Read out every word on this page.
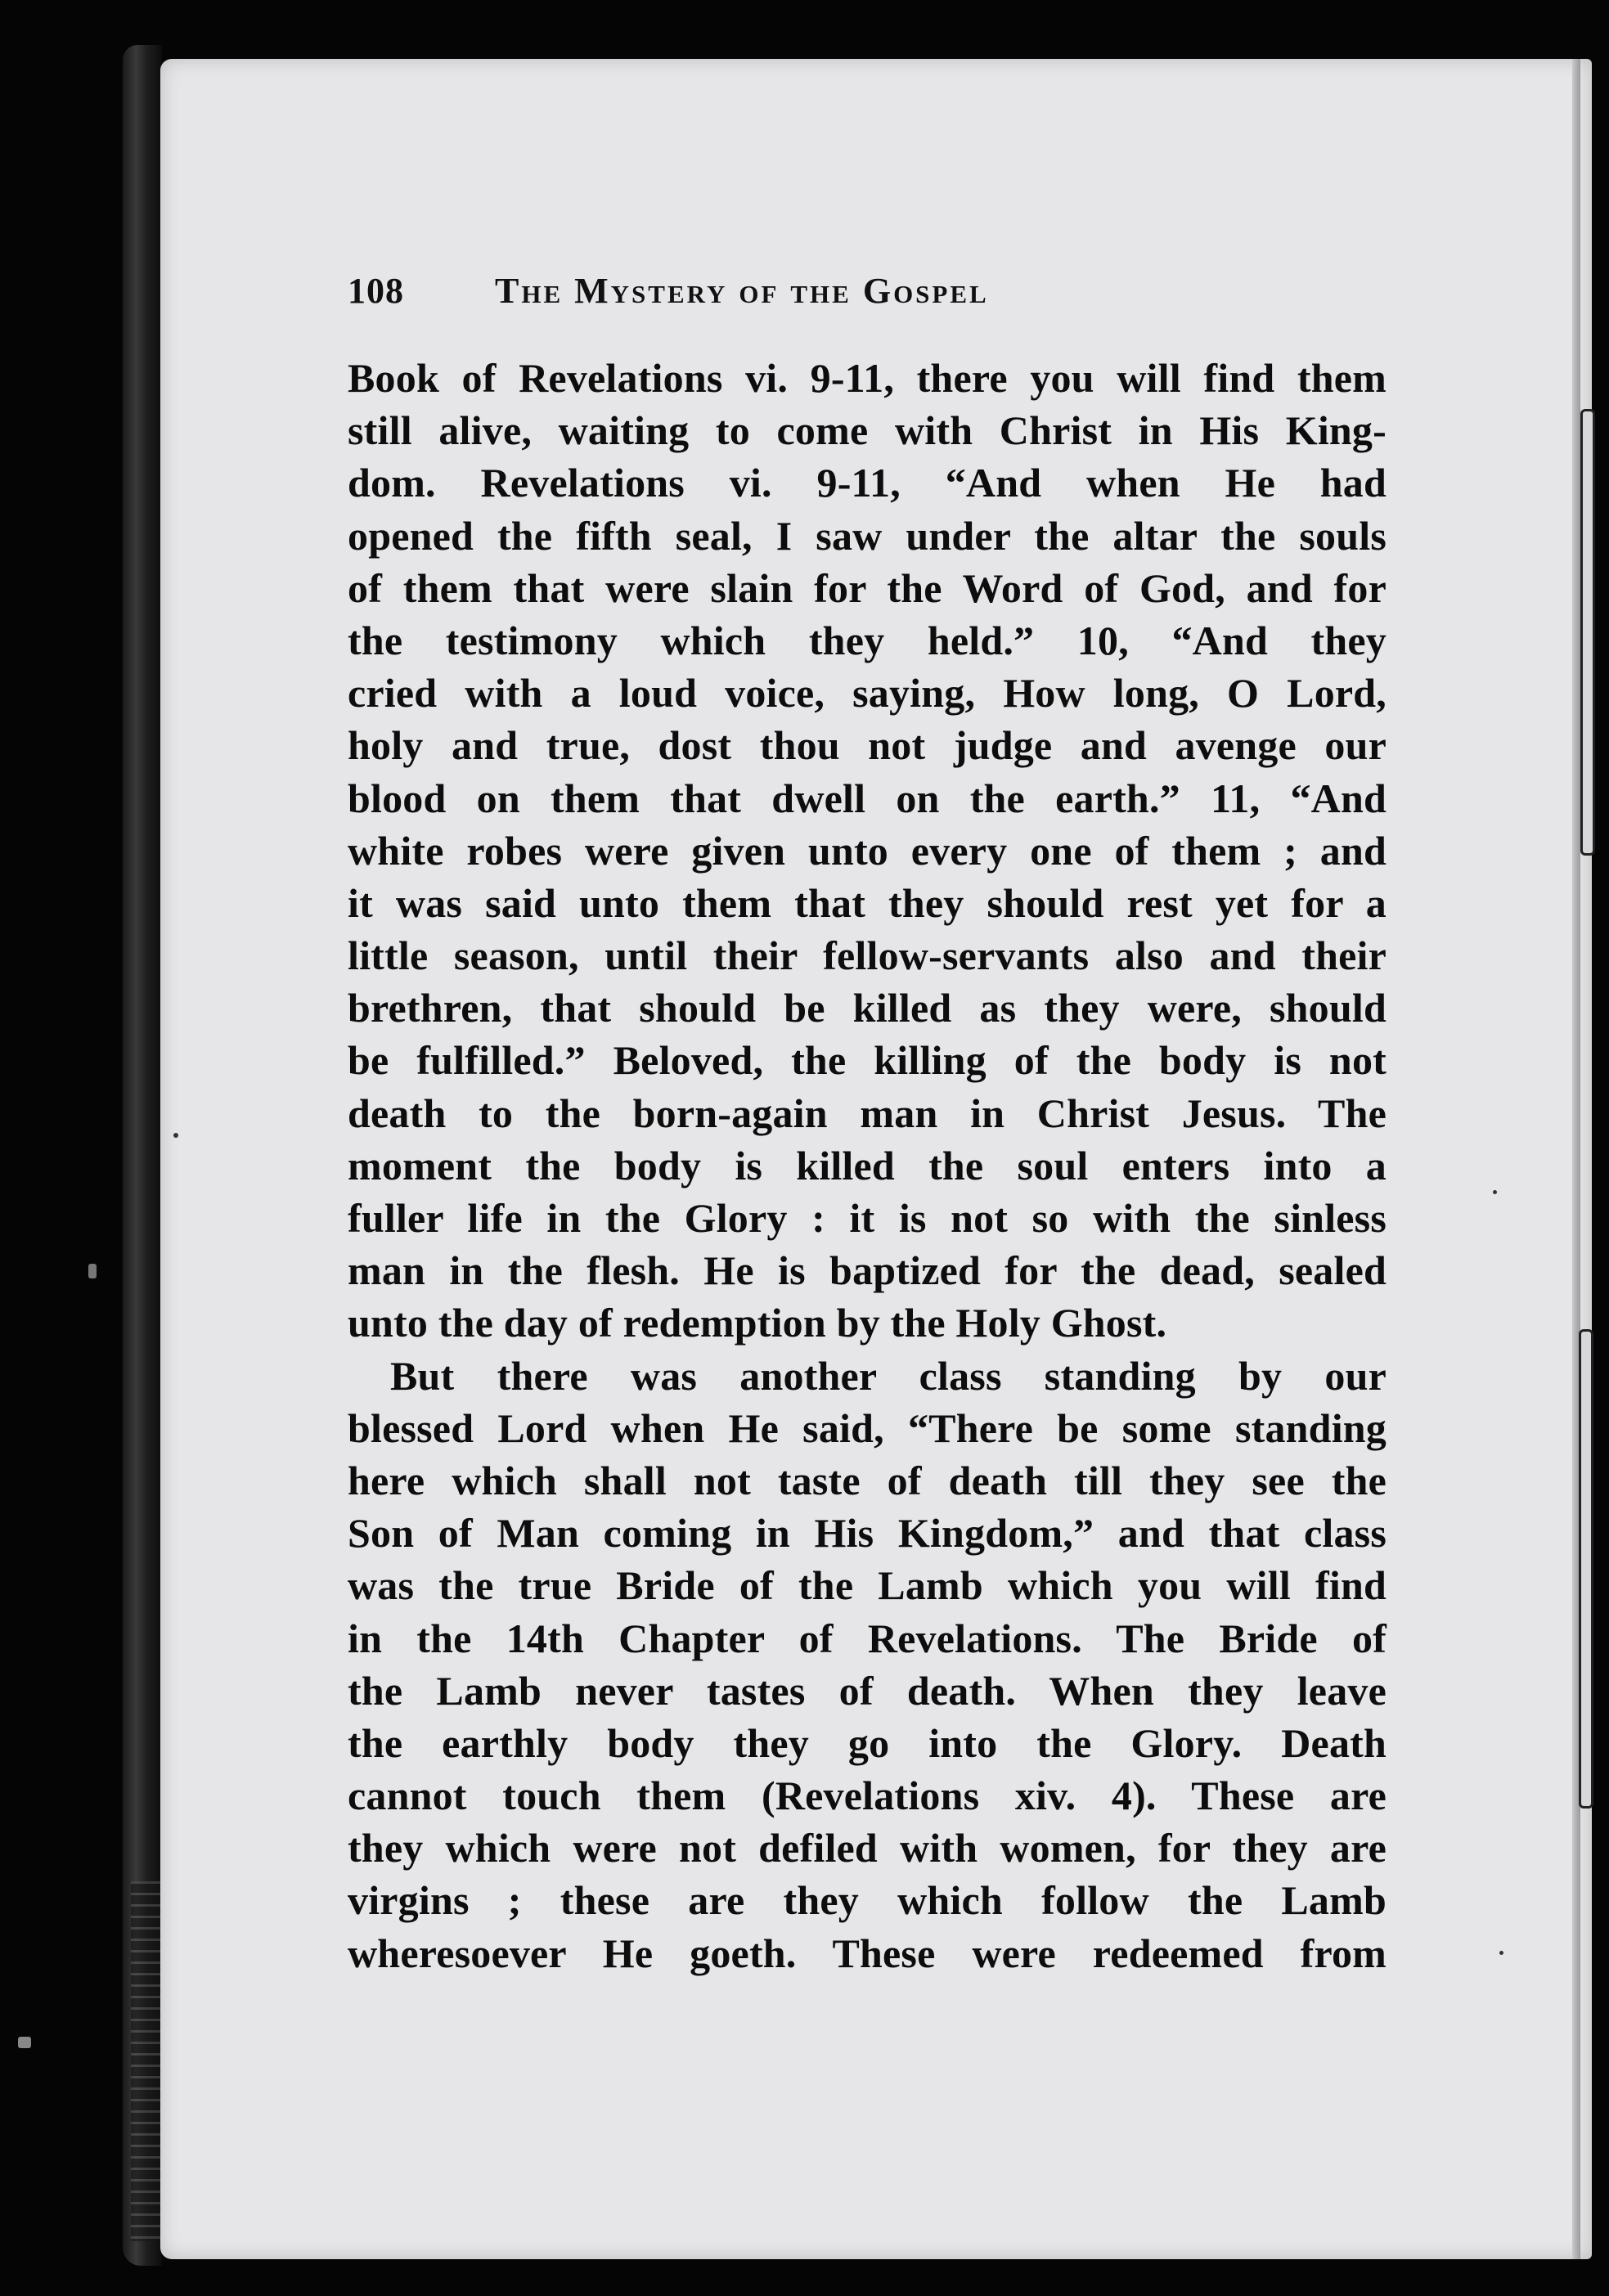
108	The Mystery of the Gospel
Book of Revelations vi. 9-11, there you will find them
still alive, waiting to come with Christ in His King-
dom. Revelations vi. 9-11, “And when He had
opened the fifth seal, I saw under the altar the souls
of them that were slain for the Word of God, and for
the testimony which they held.” 10, “And they
cried with a loud voice, saying, How long, O Lord,
holy and true, dost thou not judge and avenge our
blood on them that dwell on the earth.” 11, “And
white robes were given unto every one of them ; and
it was said unto them that they should rest yet for a
little season, until their fellow-servants also and their
brethren, that should be killed as they were, should
be fulfilled.” Beloved, the killing of the body is not
death to the born-again man in Christ Jesus. The
moment the body is killed the soul enters into a
fuller life in the Glory : it is not so with the sinless
man in the flesh. He is baptized for the dead, sealed
unto the day of redemption by the Holy Ghost.
But there was another class standing by our
blessed Lord when He said, “There be some standing
here which shall not taste of death till they see the
Son of Man coming in His Kingdom,” and that class
was the true Bride of the Lamb which you will find
in the 14th Chapter of Revelations. The Bride of
the Lamb never tastes of death. When they leave
the earthly body they go into the Glory. Death
cannot touch them (Revelations xiv. 4). These are
they which were not defiled with women, for they are
virgins ; these are they which follow the Lamb
wheresoever He goeth. These were redeemed from
